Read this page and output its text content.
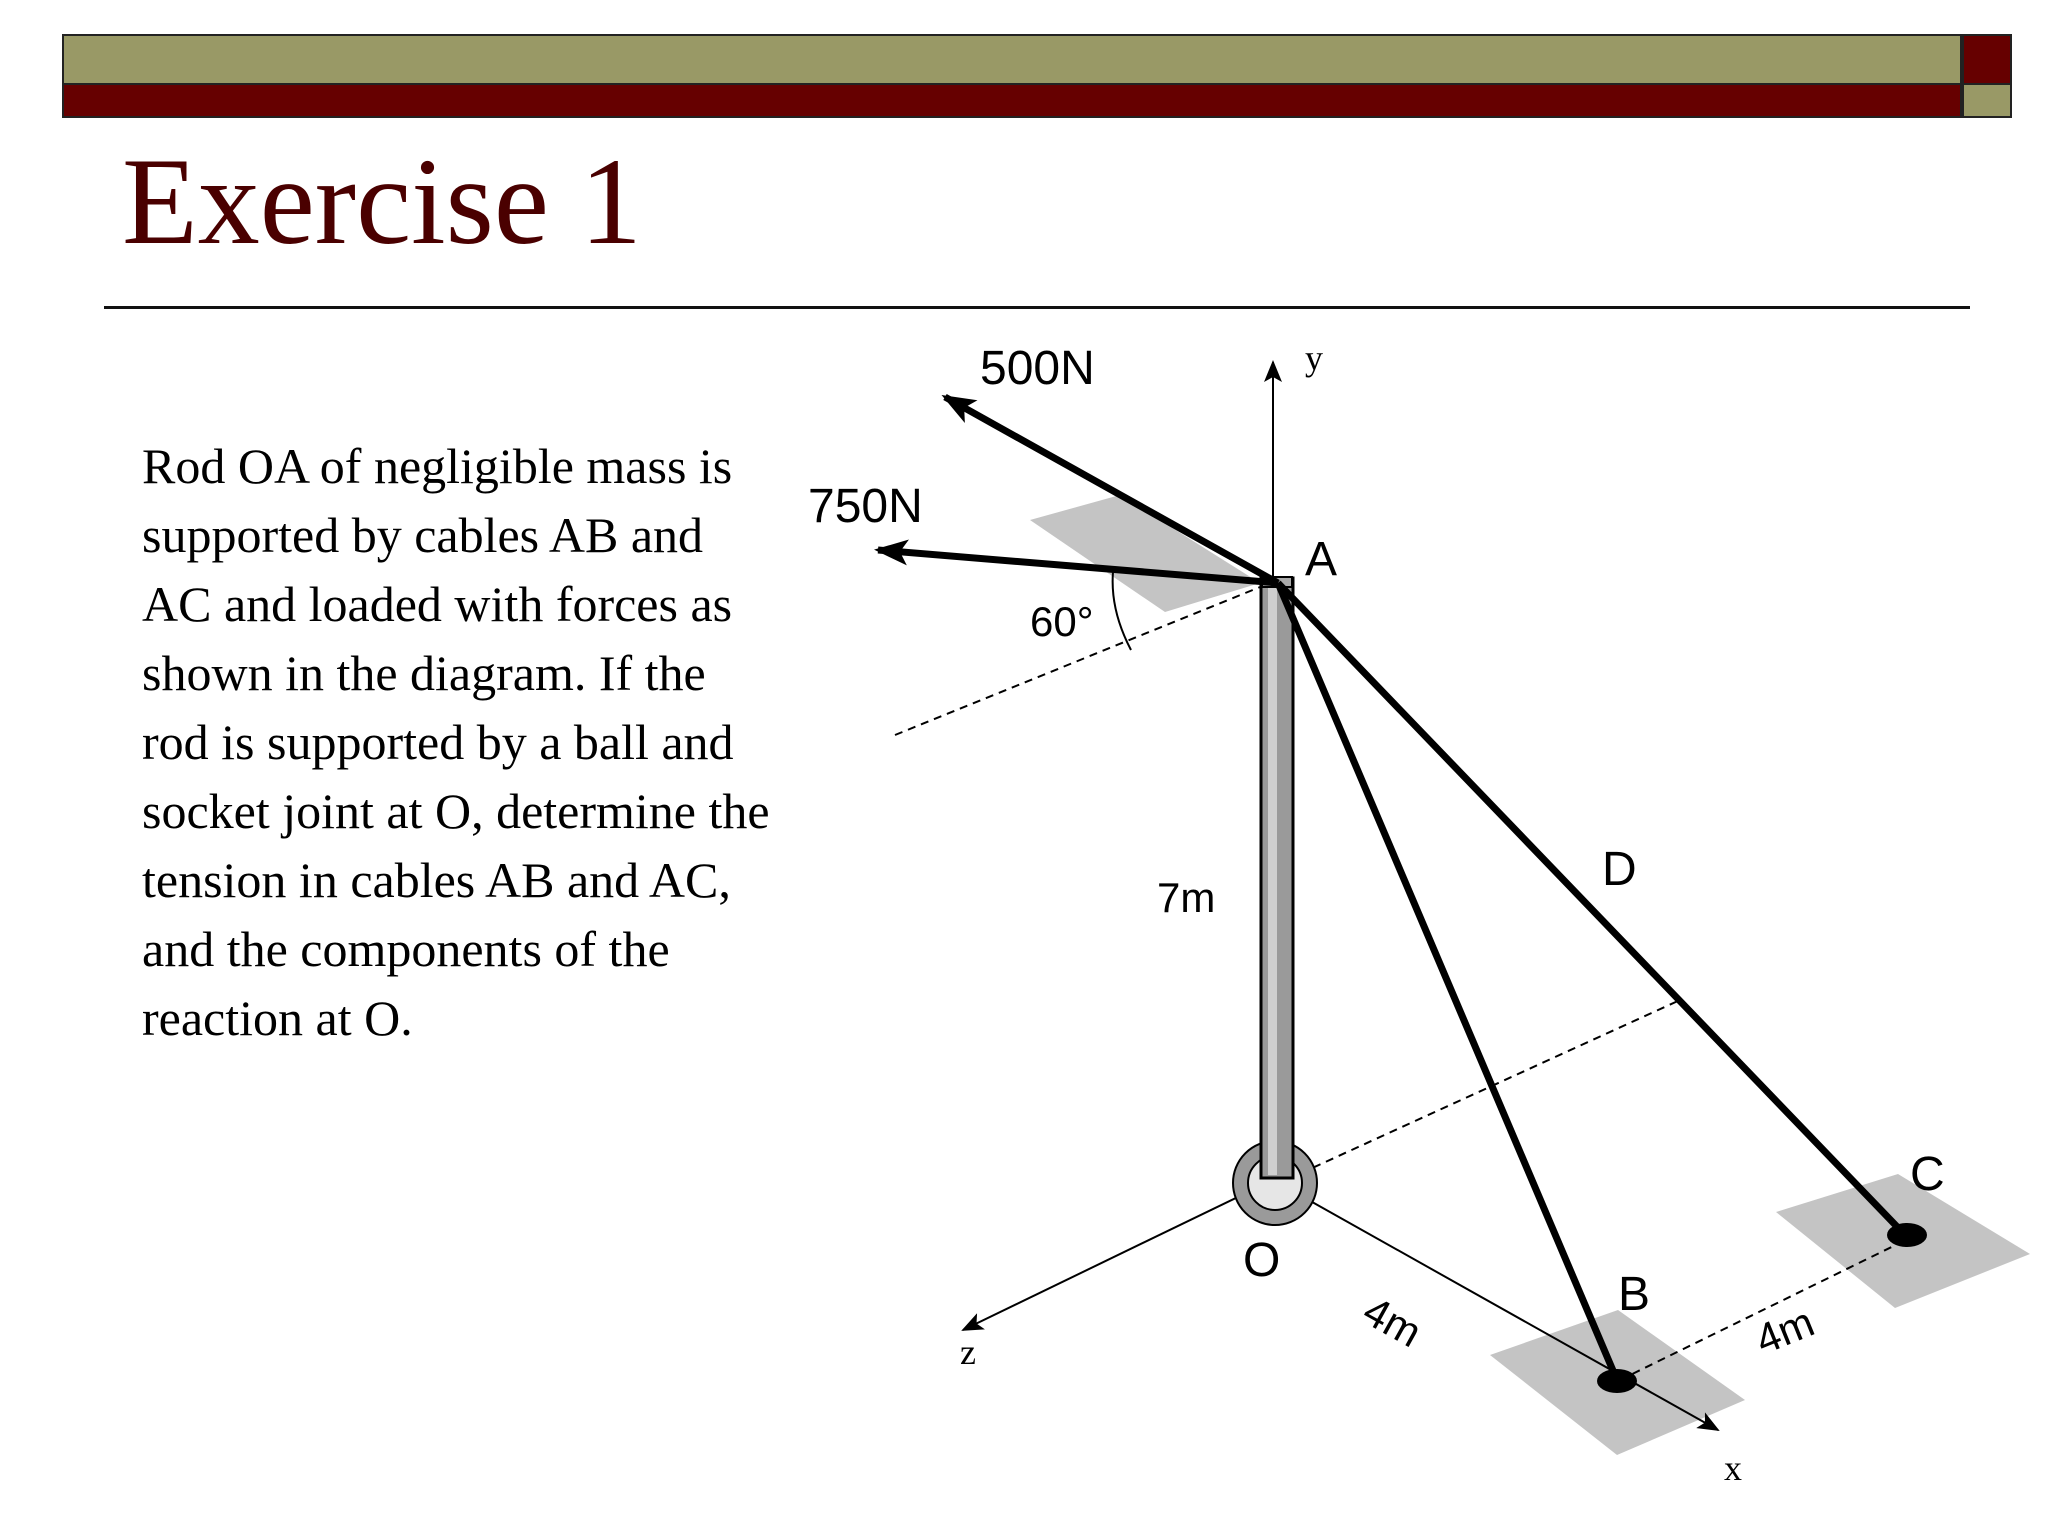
Exercise 1

Rod OA of negligible mass is supported by cables AB and AC and loaded with forces as shown in the diagram. If the rod is supported by a ball and socket joint at O, determine the tension in cables AB and AC, and the components of the reaction at O.

500N
750N
60°
A
D
7m
O
B
C
4m	4m
y
z
x
